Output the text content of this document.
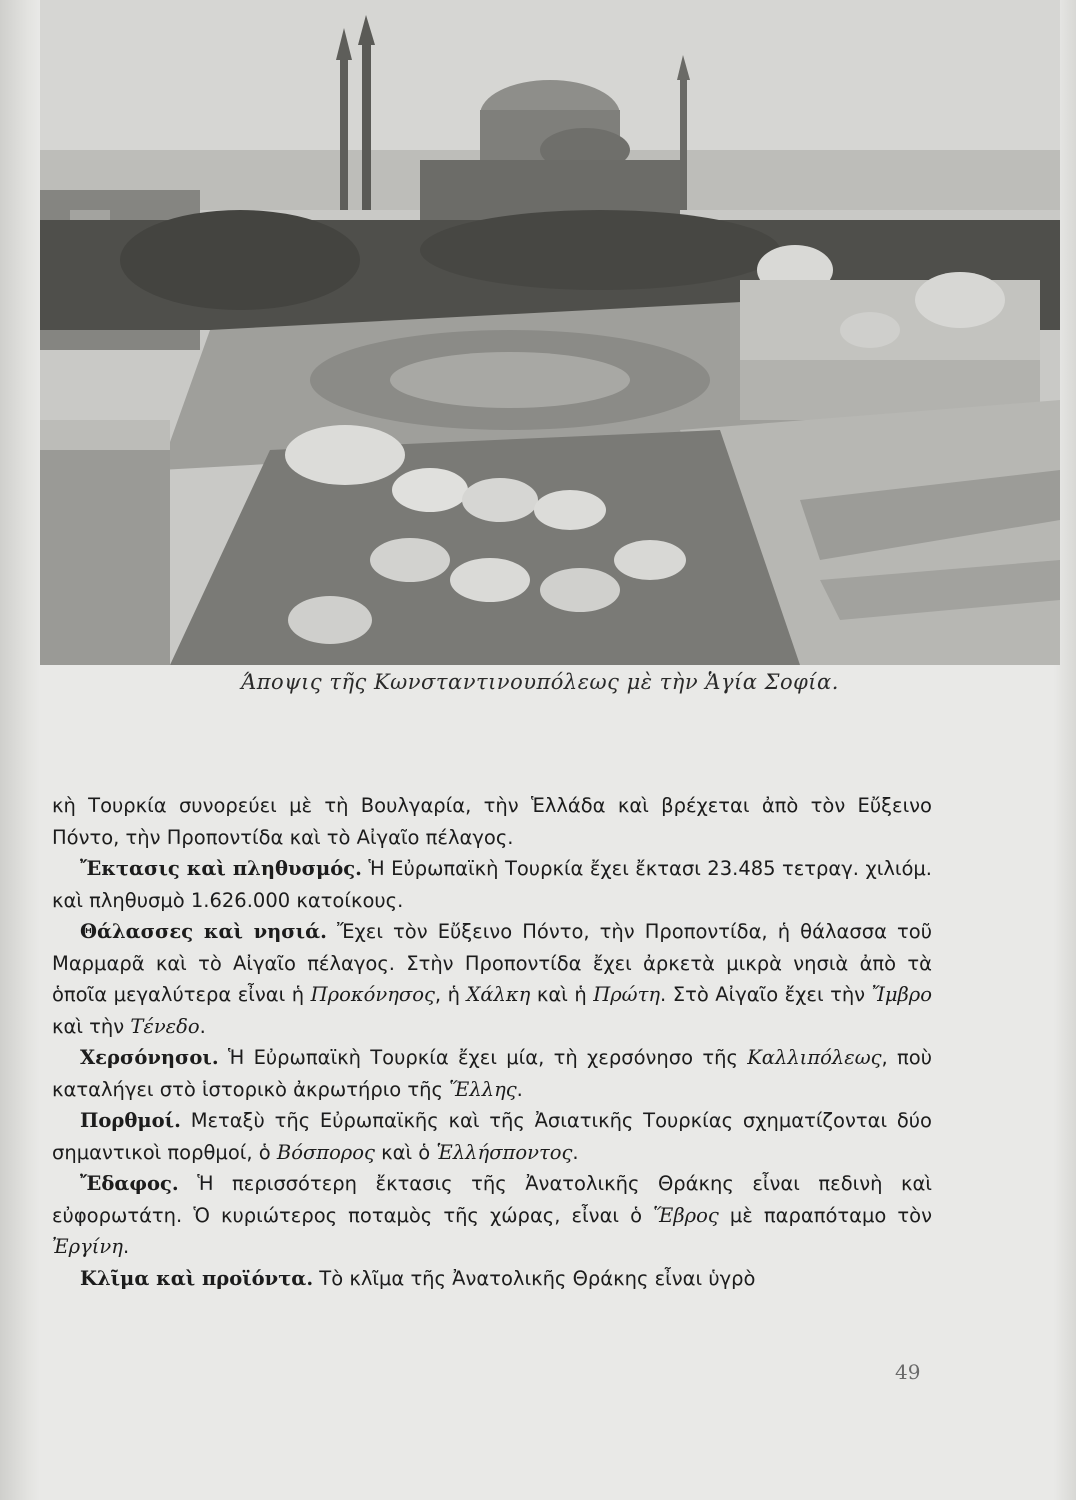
Άποψις τῆς Κωνσταντινουπόλεως μὲ τὴν Ἁγία Σοφία.

κὴ Τουρκία συνορεύει μὲ τὴ Βουλγαρία, τὴν Ἑλλάδα καὶ βρέχεται ἀπὸ τὸν Εὔξεινο Πόντο, τὴν Προποντίδα καὶ τὸ Αἰγαῖο πέλαγος.

Ἔκτασις καὶ πληθυσμός. Ἡ Εὐρωπαϊκὴ Τουρκία ἔχει ἔκτασι 23.485 τετραγ. χιλιόμ. καὶ πληθυσμὸ 1.626.000 κατοίκους.

Θάλασσες καὶ νησιά. Ἔχει τὸν Εὔξεινο Πόντο, τὴν Προποντίδα, ἡ θάλασσα τοῦ Μαρμαρᾶ καὶ τὸ Αἰγαῖο πέλαγος. Στὴν Προποντίδα ἔχει ἀρκετὰ μικρὰ νησιὰ ἀπὸ τὰ ὁποῖα μεγαλύτερα εἶναι ἡ Προκόνησος, ἡ Χάλκη καὶ ἡ Πρώτη. Στὸ Αἰγαῖο ἔχει τὴν Ἴμβρο καὶ τὴν Τένεδο.

Χερσόνησοι. Ἡ Εὐρωπαϊκὴ Τουρκία ἔχει μία, τὴ χερσόνησο τῆς Καλλιπόλεως, ποὺ καταλήγει στὸ ἱστορικὸ ἀκρωτήριο τῆς Ἕλλης.

Πορθμοί. Μεταξὺ τῆς Εὐρωπαϊκῆς καὶ τῆς Ἀσιατικῆς Τουρκίας σχηματίζονται δύο σημαντικοὶ πορθμοί, ὁ Βόσπορος καὶ ὁ Ἑλλήσποντος.

Ἔδαφος. Ἡ περισσότερη ἔκτασις τῆς Ἀνατολικῆς Θράκης εἶναι πεδινὴ καὶ εὐφορωτάτη. Ὁ κυριώτερος ποταμὸς τῆς χώρας, εἶναι ὁ Ἕβρος μὲ παραπόταμο τὸν Ἐργίνη.

Κλῖμα καὶ προϊόντα. Τὸ κλῖμα τῆς Ἀνατολικῆς Θράκης εἶναι ὑγρὸ

49
